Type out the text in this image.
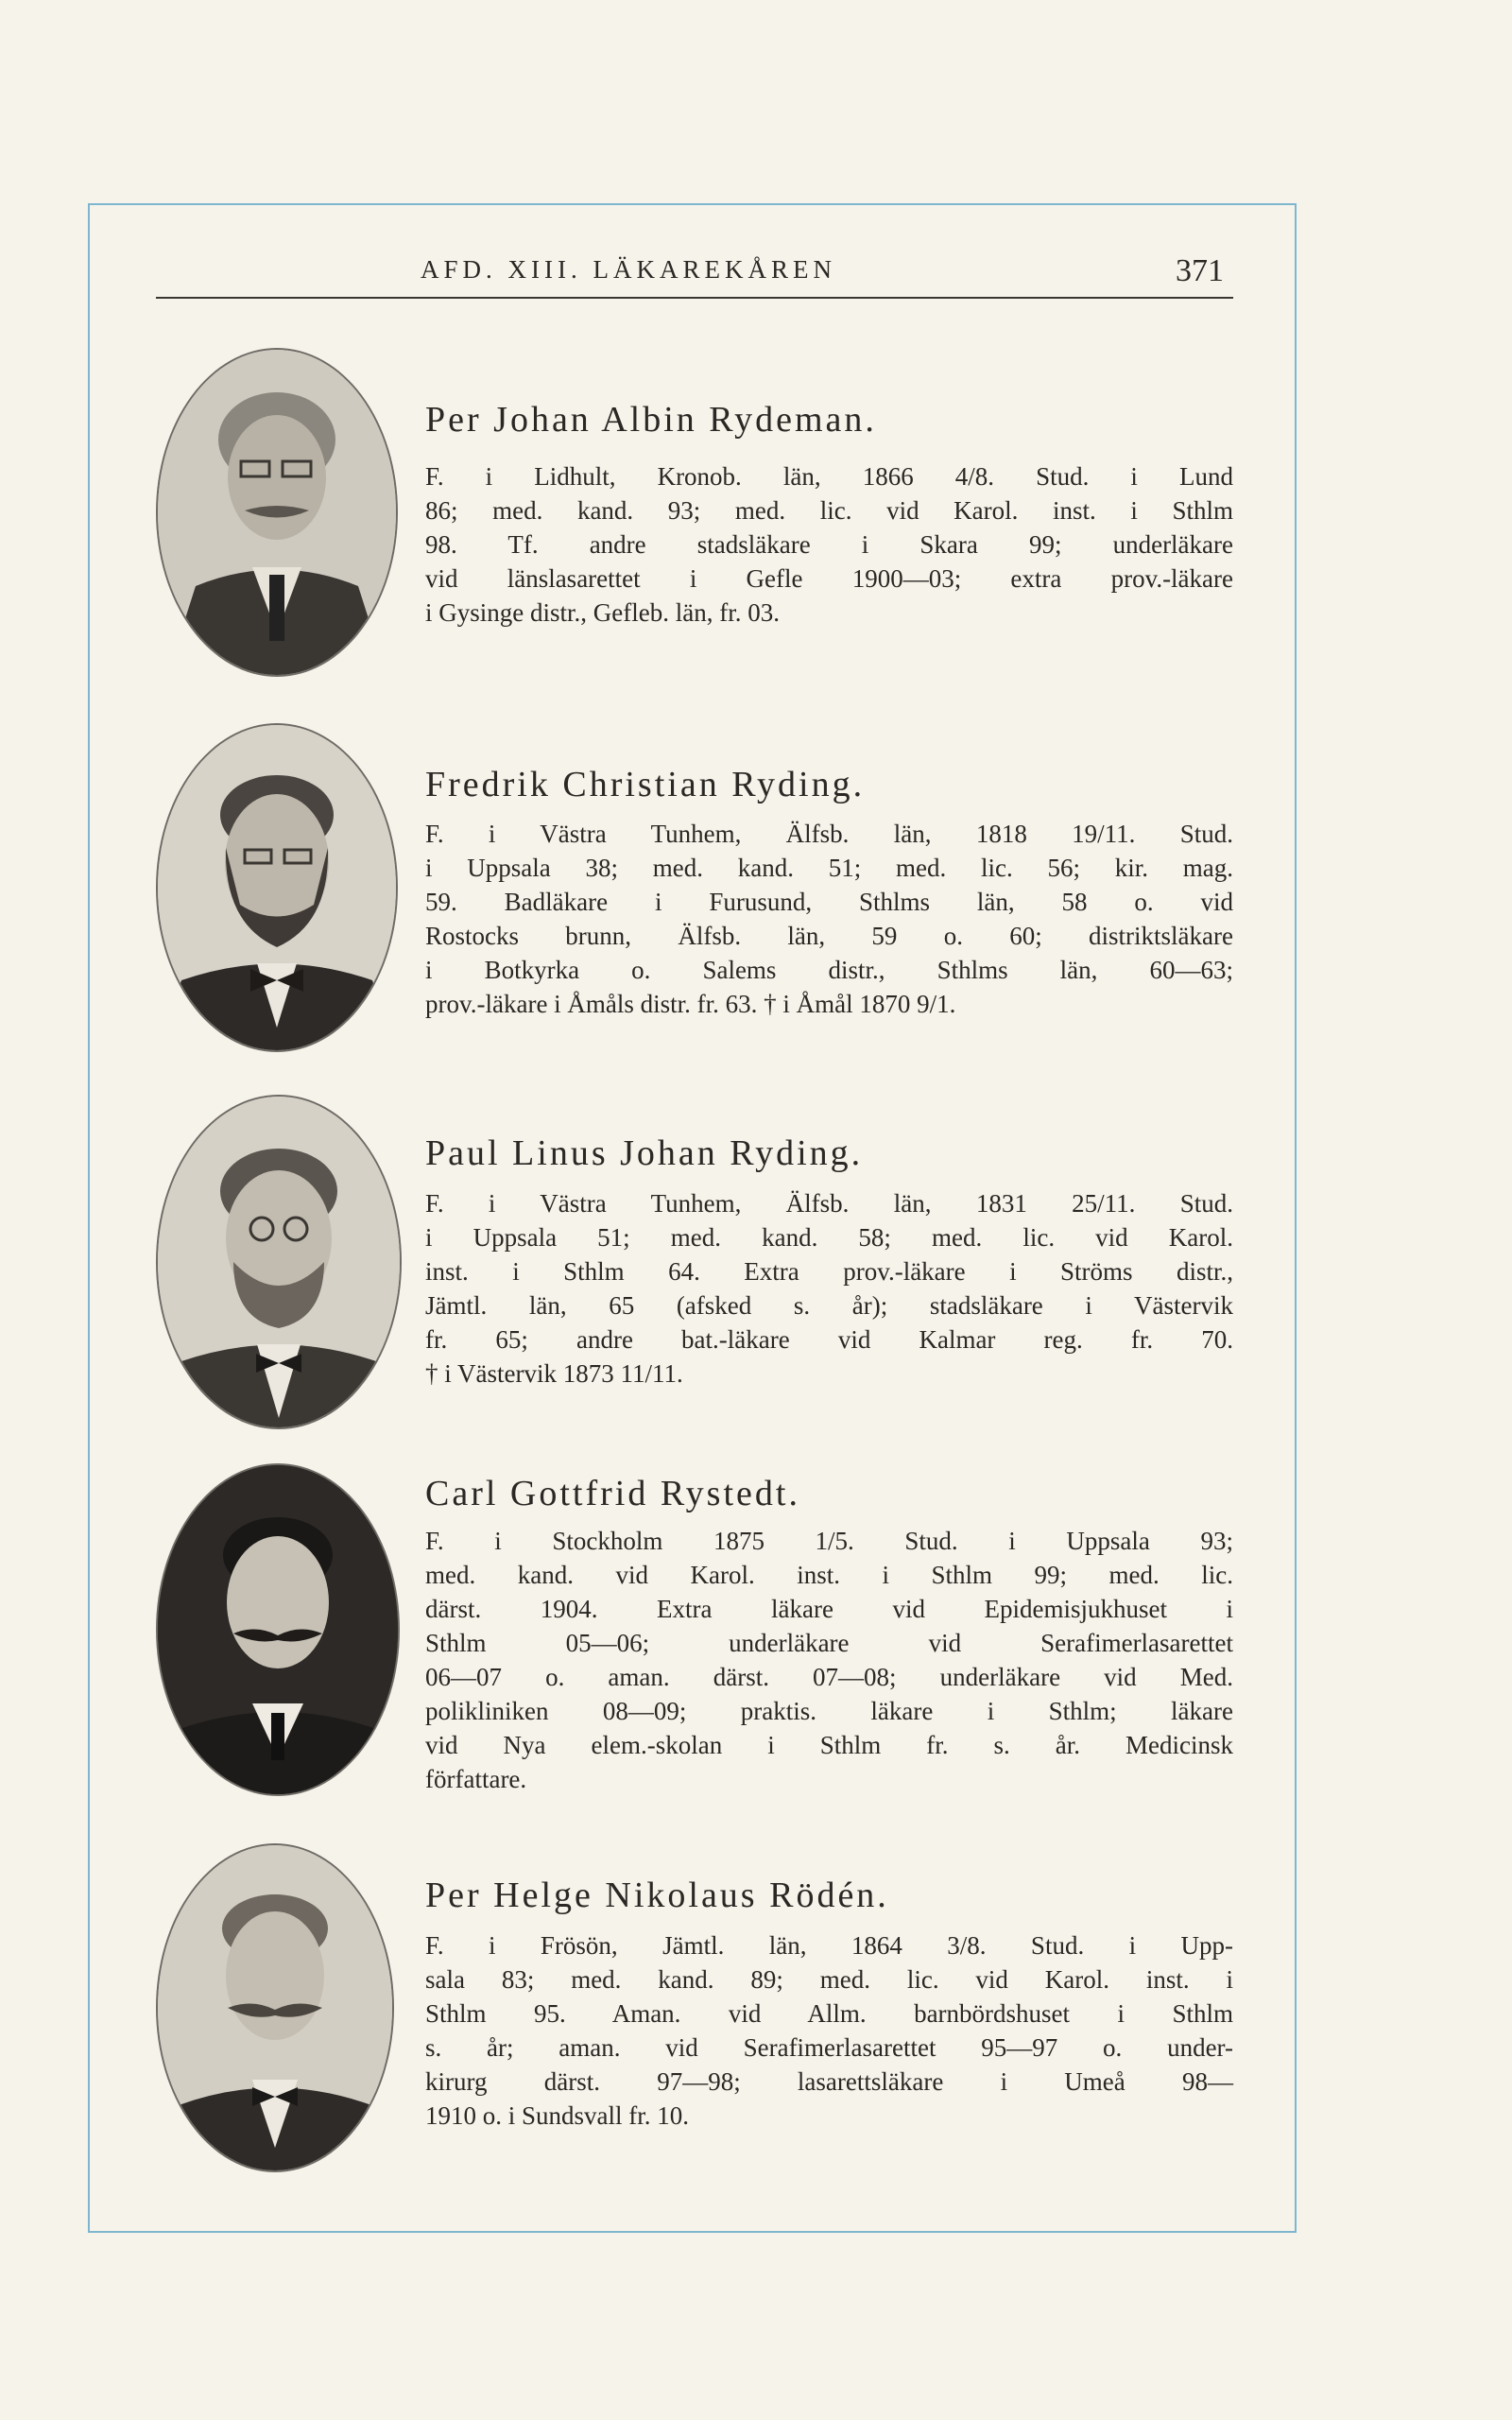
AFD. XIII. LÄKAREKÅREN	371
Per Johan Albin Rydeman.

F. i Lidhult, Kronob. län, 1866 4/8. Stud. i Lund
86; med. kand. 93; med. lic. vid Karol. inst. i Sthlm
98. Tf. andre stadsläkare i Skara 99; underläkare
vid länslasarettet i Gefle 1900—03; extra prov.-läkare
i Gysinge distr., Gefleb. län, fr. 03.

Fredrik Christian Ryding.

F. i Västra Tunhem, Älfsb. län, 1818 19/11. Stud.
i Uppsala 38; med. kand. 51; med. lic. 56; kir. mag.
59. Badläkare i Furusund, Sthlms län, 58 o. vid
Rostocks brunn, Älfsb. län, 59 o. 60; distriktsläkare
i Botkyrka o. Salems distr., Sthlms län, 60—63;
prov.-läkare i Åmåls distr. fr. 63. † i Åmål 1870 9/1.

Paul Linus Johan Ryding.

F. i Västra Tunhem, Älfsb. län, 1831 25/11. Stud.
i Uppsala 51; med. kand. 58; med. lic. vid Karol.
inst. i Sthlm 64. Extra prov.-läkare i Ströms distr.,
Jämtl. län, 65 (afsked s. år); stadsläkare i Västervik
fr. 65; andre bat.-läkare vid Kalmar reg. fr. 70.
† i Västervik 1873 11/11.

Carl Gottfrid Rystedt.

F. i Stockholm 1875 1/5. Stud. i Uppsala 93;
med. kand. vid Karol. inst. i Sthlm 99; med. lic.
därst. 1904. Extra läkare vid Epidemisjukhuset i
Sthlm 05—06; underläkare vid Serafimerlasarettet
06—07 o. aman. därst. 07—08; underläkare vid Med.
polikliniken 08—09; praktis. läkare i Sthlm; läkare
vid Nya elem.-skolan i Sthlm fr. s. år. Medicinsk
författare.

Per Helge Nikolaus Rödén.

F. i Frösön, Jämtl. län, 1864 3/8. Stud. i Upp-
sala 83; med. kand. 89; med. lic. vid Karol. inst. i
Sthlm 95. Aman. vid Allm. barnbördshuset i Sthlm
s. år; aman. vid Serafimerlasarettet 95—97 o. under-
kirurg därst. 97—98; lasarettsläkare i Umeå 98—
1910 o. i Sundsvall fr. 10.
